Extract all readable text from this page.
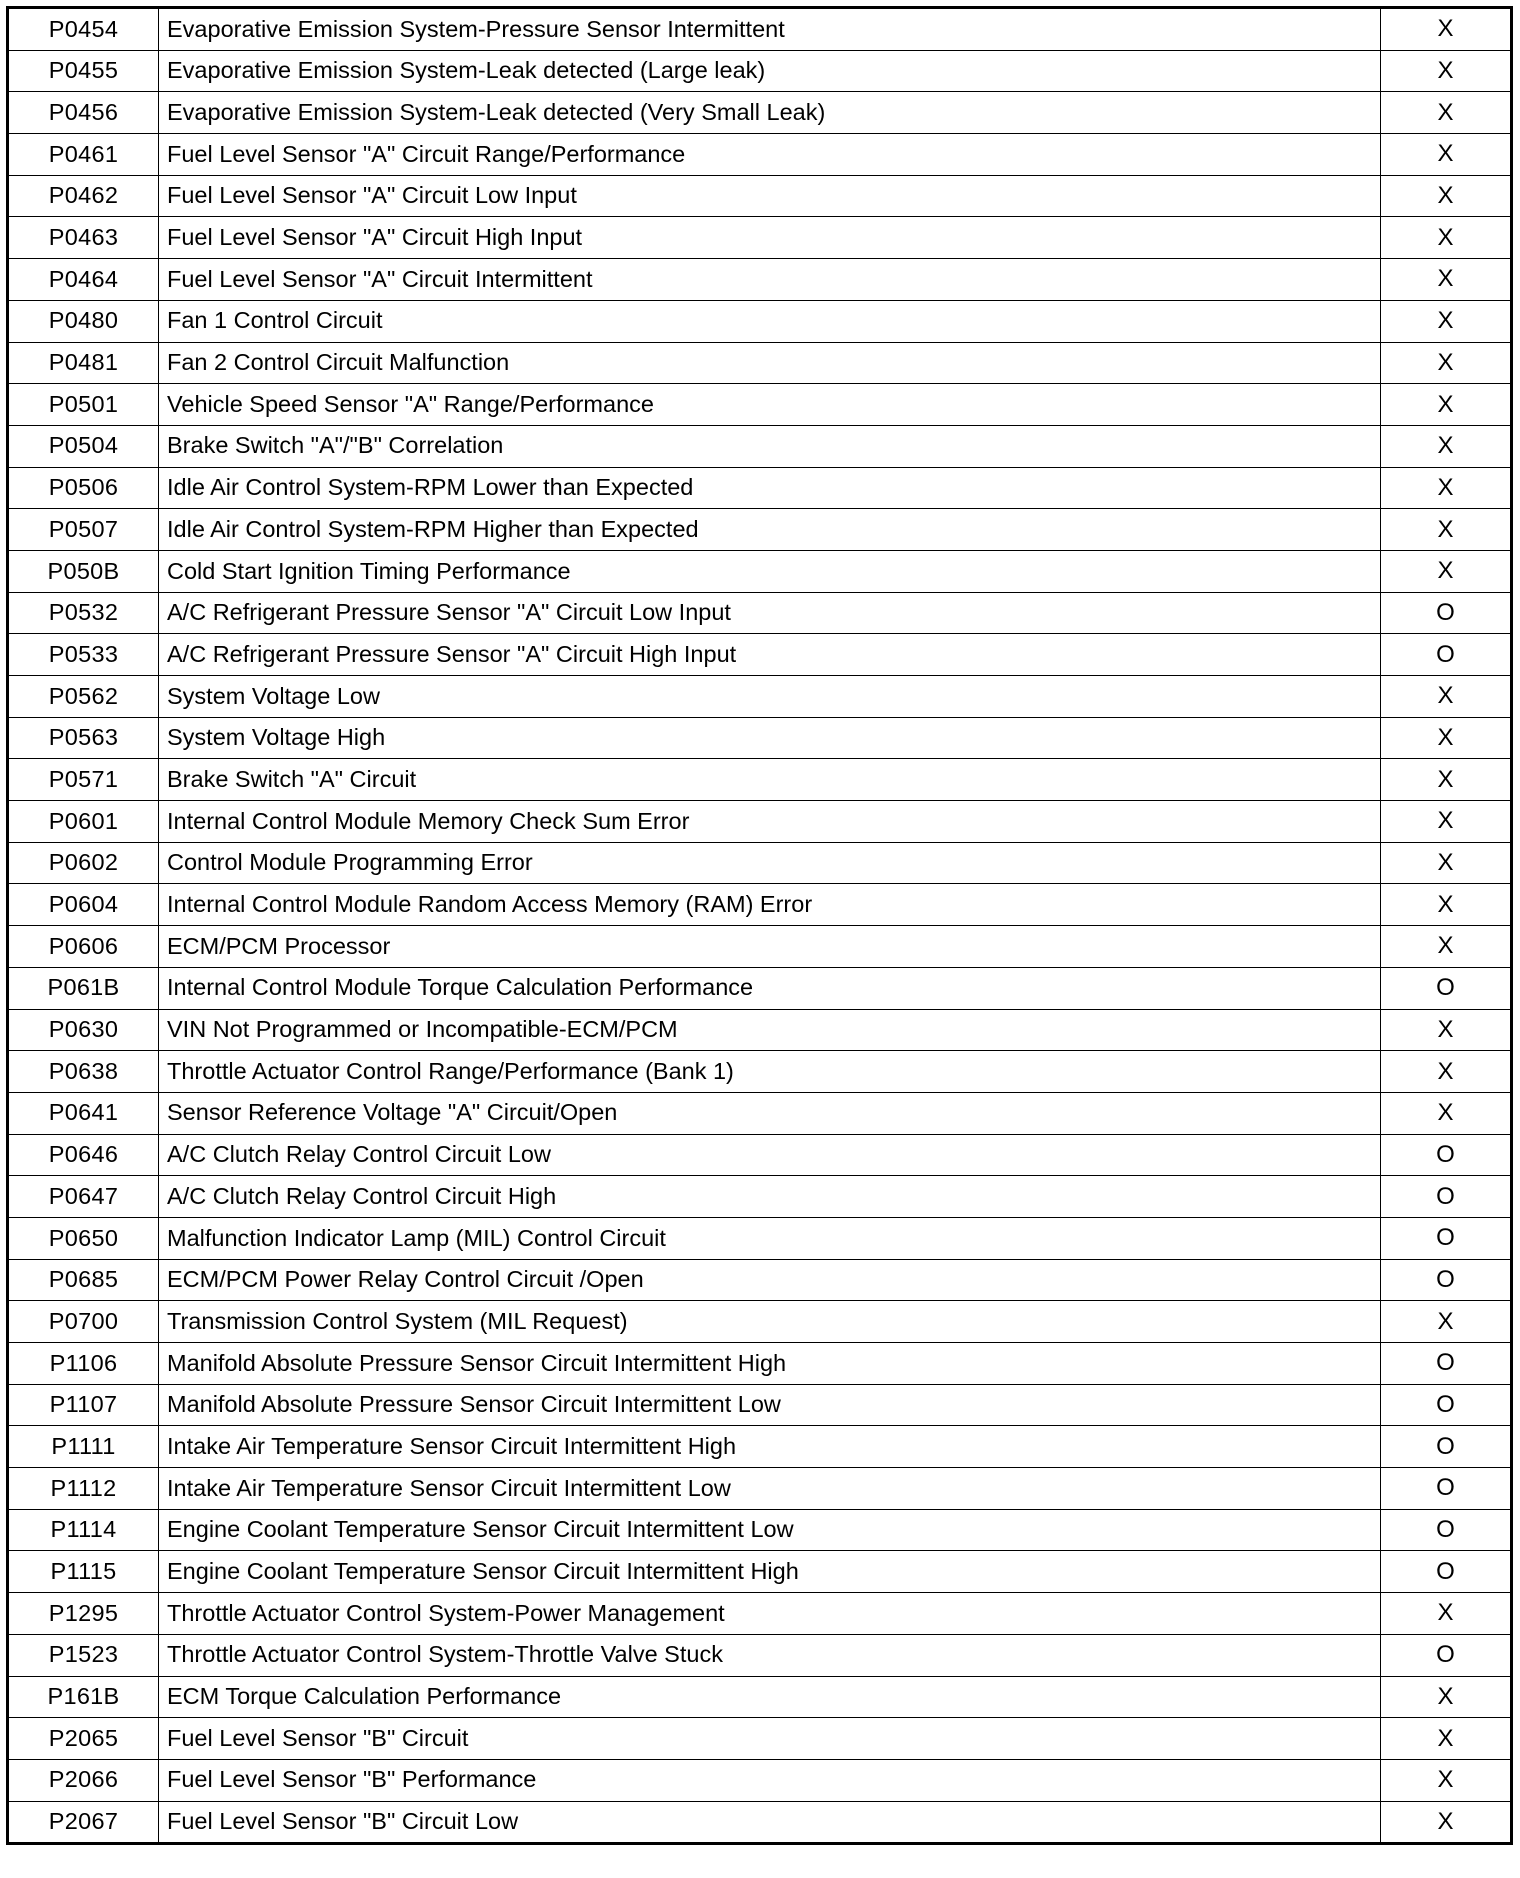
P0454	Evaporative Emission System-Pressure Sensor Intermittent	X
P0455	Evaporative Emission System-Leak detected (Large leak)	X
P0456	Evaporative Emission System-Leak detected (Very Small Leak)	X
P0461	Fuel Level Sensor "A" Circuit Range/Performance	X
P0462	Fuel Level Sensor "A" Circuit Low Input	X
P0463	Fuel Level Sensor "A" Circuit High Input	X
P0464	Fuel Level Sensor "A" Circuit Intermittent	X
P0480	Fan 1 Control Circuit	X
P0481	Fan 2 Control Circuit Malfunction	X
P0501	Vehicle Speed Sensor "A" Range/Performance	X
P0504	Brake Switch "A"/"B" Correlation	X
P0506	Idle Air Control System-RPM Lower than Expected	X
P0507	Idle Air Control System-RPM Higher than Expected	X
P050B	Cold Start Ignition Timing Performance	X
P0532	A/C Refrigerant Pressure Sensor "A" Circuit Low Input	O
P0533	A/C Refrigerant Pressure Sensor "A" Circuit High Input	O
P0562	System Voltage Low	X
P0563	System Voltage High	X
P0571	Brake Switch "A" Circuit	X
P0601	Internal Control Module Memory Check Sum Error	X
P0602	Control Module Programming Error	X
P0604	Internal Control Module Random Access Memory (RAM) Error	X
P0606	ECM/PCM Processor	X
P061B	Internal Control Module Torque Calculation Performance	O
P0630	VIN Not Programmed or Incompatible-ECM/PCM	X
P0638	Throttle Actuator Control Range/Performance (Bank 1)	X
P0641	Sensor Reference Voltage "A" Circuit/Open	X
P0646	A/C Clutch Relay Control Circuit Low	O
P0647	A/C Clutch Relay Control Circuit High	O
P0650	Malfunction Indicator Lamp (MIL) Control Circuit	O
P0685	ECM/PCM Power Relay Control Circuit /Open	O
P0700	Transmission Control System (MIL Request)	X
P1106	Manifold Absolute Pressure Sensor Circuit Intermittent High	O
P1107	Manifold Absolute Pressure Sensor Circuit Intermittent Low	O
P1111	Intake Air Temperature Sensor Circuit Intermittent High	O
P1112	Intake Air Temperature Sensor Circuit Intermittent Low	O
P1114	Engine Coolant Temperature Sensor Circuit Intermittent Low	O
P1115	Engine Coolant Temperature Sensor Circuit Intermittent High	O
P1295	Throttle Actuator Control System-Power Management	X
P1523	Throttle Actuator Control System-Throttle Valve Stuck	O
P161B	ECM Torque Calculation Performance	X
P2065	Fuel Level Sensor "B" Circuit	X
P2066	Fuel Level Sensor "B" Performance	X
P2067	Fuel Level Sensor "B" Circuit Low	X
